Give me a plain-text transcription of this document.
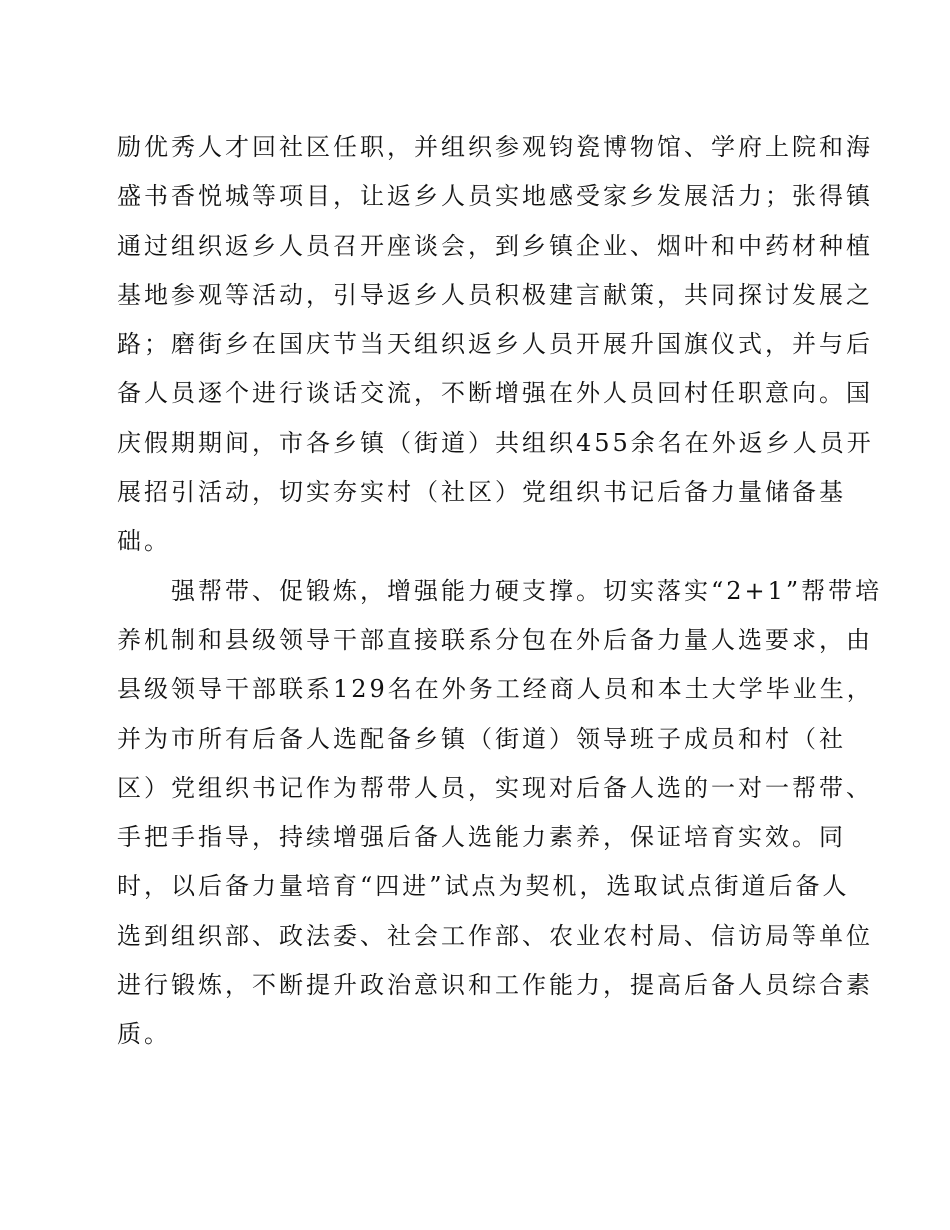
励优秀人才回社区任职，并组织参观钧瓷博物馆、学府上院和海
盛书香悦城等项目，让返乡人员实地感受家乡发展活力；张得镇
通过组织返乡人员召开座谈会，到乡镇企业、烟叶和中药材种植
基地参观等活动，引导返乡人员积极建言献策，共同探讨发展之
路；磨街乡在国庆节当天组织返乡人员开展升国旗仪式，并与后
备人员逐个进行谈话交流，不断增强在外人员回村任职意向。国
庆假期期间，市各乡镇（街道）共组织455余名在外返乡人员开
展招引活动，切实夯实村（社区）党组织书记后备力量储备基
础。
　　强帮带、促锻炼，增强能力硬支撑。切实落实“2+1”帮带培
养机制和县级领导干部直接联系分包在外后备力量人选要求，由
县级领导干部联系129名在外务工经商人员和本土大学毕业生，
并为市所有后备人选配备乡镇（街道）领导班子成员和村（社
区）党组织书记作为帮带人员，实现对后备人选的一对一帮带、
手把手指导，持续增强后备人选能力素养，保证培育实效。同
时，以后备力量培育“四进”试点为契机，选取试点街道后备人
选到组织部、政法委、社会工作部、农业农村局、信访局等单位
进行锻炼，不断提升政治意识和工作能力，提高后备人员综合素
质。
